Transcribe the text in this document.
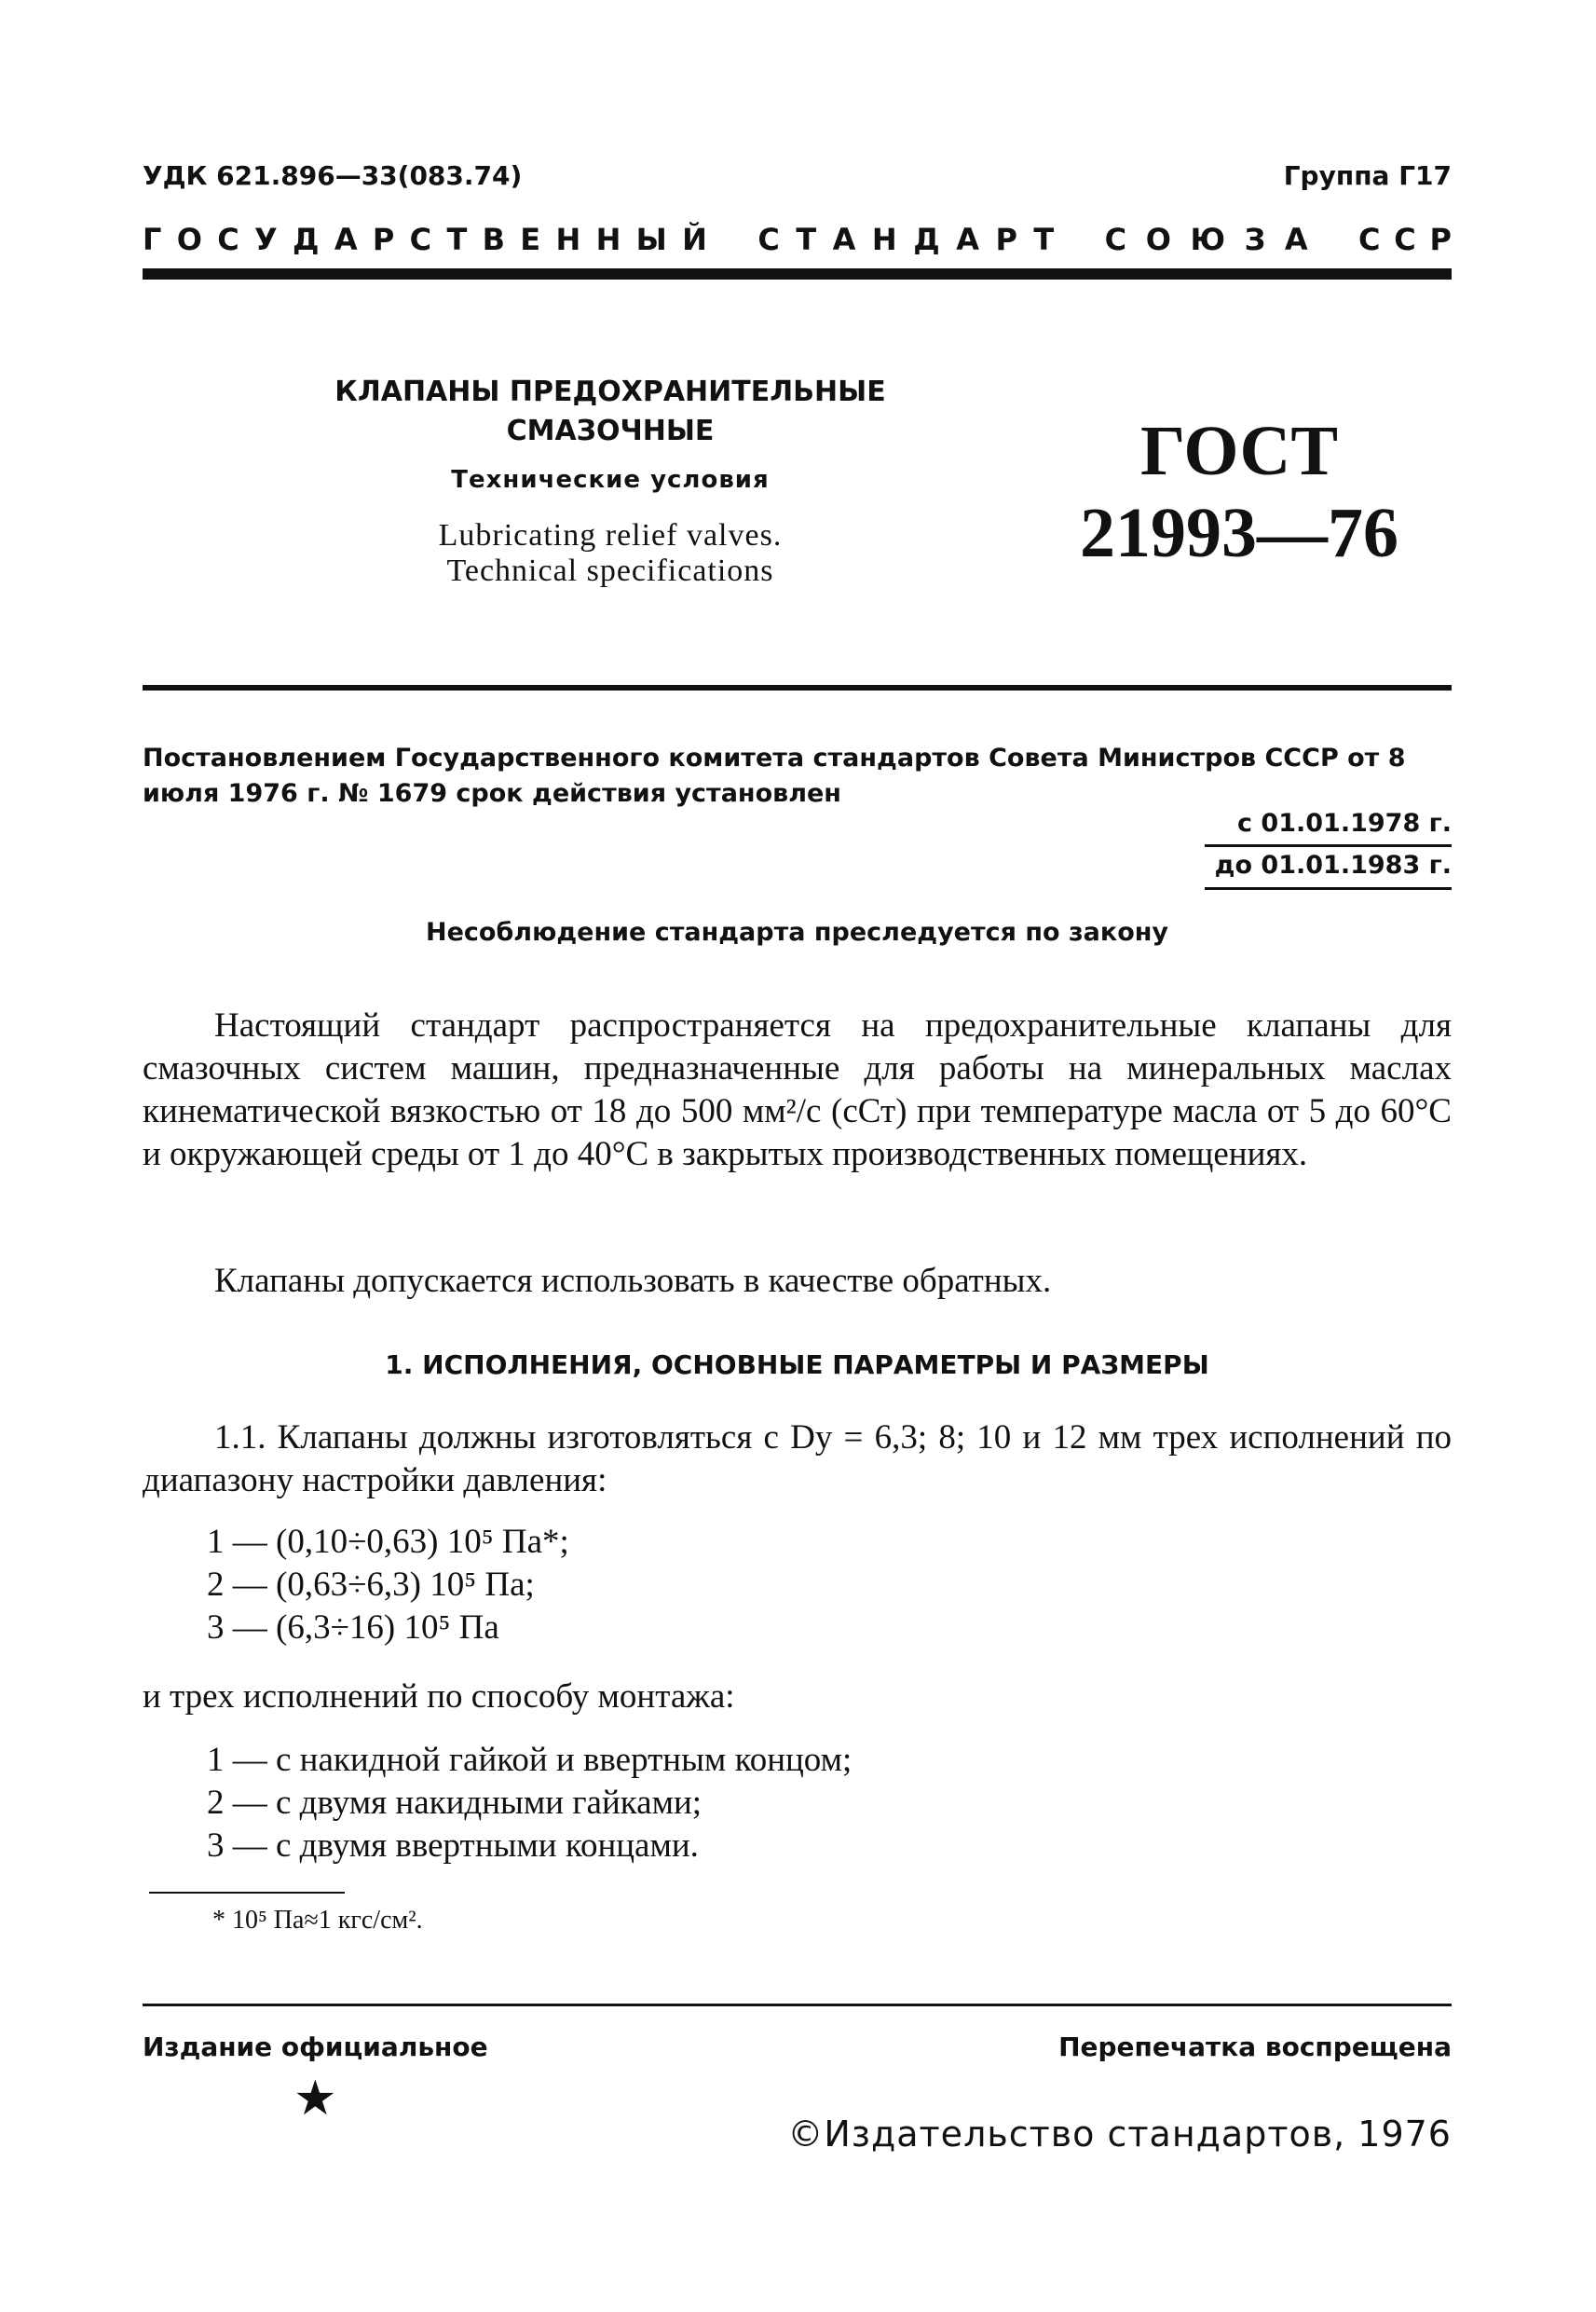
УДК 621.896—33(083.74)	Группа Г17
Г О С У Д А Р С Т В Е Н Н Ы Й С Т А Н Д А Р Т С О Ю З А С С Р
КЛАПАНЫ ПРЕДОХРАНИТЕЛЬНЫЕ
СМАЗОЧНЫЕ
Технические условия
Lubricating relief valves.
Technical specifications
ГОСТ
21993—76
Постановлением Государственного комитета стандартов Совета Министров СССР от 8 июля 1976 г. № 1679 срок действия установлен
с 01.01.1978 г.
до 01.01.1983 г.
Несоблюдение стандарта преследуется по закону
Настоящий стандарт распространяется на предохранительные клапаны для смазочных систем машин, предназначенные для работы на минеральных маслах кинематической вязкостью от 18 до 500 мм²/с (сСт) при температуре масла от 5 до 60°С и окружающей среды от 1 до 40°С в закрытых производственных помещениях.
Клапаны допускается использовать в качестве обратных.
1. ИСПОЛНЕНИЯ, ОСНОВНЫЕ ПАРАМЕТРЫ И РАЗМЕРЫ
1.1. Клапаны должны изготовляться с Dу = 6,3; 8; 10 и 12 мм трех исполнений по диапазону настройки давления:
1 — (0,10÷0,63) 10⁵ Па*;
2 — (0,63÷6,3) 10⁵ Па;
3 — (6,3÷16) 10⁵ Па
и трех исполнений по способу монтажа:
1 — с накидной гайкой и ввертным концом;
2 — с двумя накидными гайками;
3 — с двумя ввертными концами.
* 10⁵ Па≈1 кгс/см².
Издание официальное	Перепечатка воспрещена
★
©Издательство стандартов, 1976
